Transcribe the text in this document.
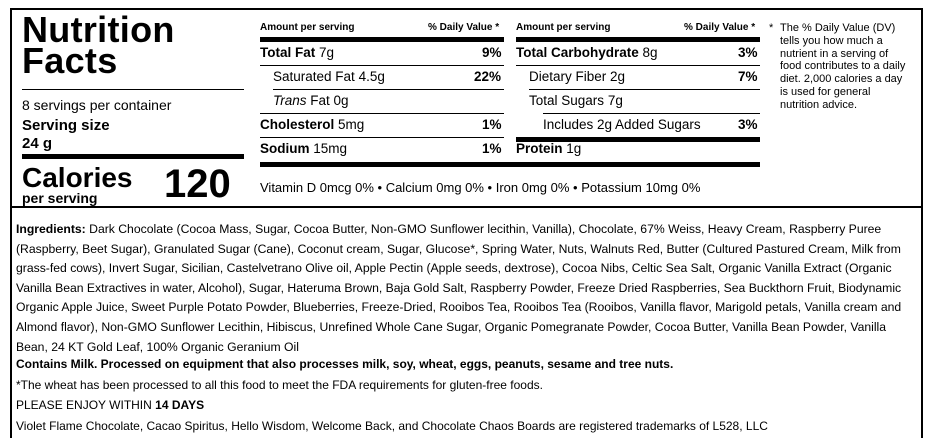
Nutrition
Facts
8 servings per container
Serving size
24 g
Calories
per serving 120
Amount per serving	% Daily Value *
Total Fat 7g	9%
Saturated Fat 4.5g	22%
Trans Fat 0g
Cholesterol 5mg	1%
Sodium 15mg	1%
Amount per serving	% Daily Value *
Total Carbohydrate 8g	3%
Dietary Fiber 2g	7%
Total Sugars 7g
Includes 2g Added Sugars	3%
Protein 1g
Vitamin D 0mcg 0% • Calcium 0mg 0% • Iron 0mg 0% • Potassium 10mg 0%
* The % Daily Value (DV) tells you how much a nutrient in a serving of food contributes to a daily diet. 2,000 calories a day is used for general nutrition advice.
Ingredients: Dark Chocolate (Cocoa Mass, Sugar, Cocoa Butter, Non-GMO Sunflower lecithin, Vanilla), Chocolate, 67% Weiss, Heavy Cream, Raspberry Puree (Raspberry, Beet Sugar), Granulated Sugar (Cane), Coconut cream, Sugar, Glucose*, Spring Water, Nuts, Walnuts Red, Butter (Cultured Pastured Cream, Milk from grass-fed cows), Invert Sugar, Sicilian, Castelvetrano Olive oil, Apple Pectin (Apple seeds, dextrose), Cocoa Nibs, Celtic Sea Salt, Organic Vanilla Extract (Organic Vanilla Bean Extractives in water, Alcohol), Sugar, Hateruma Brown, Baja Gold Salt, Raspberry Powder, Freeze Dried Raspberries, Sea Buckthorn Fruit, Biodynamic Organic Apple Juice, Sweet Purple Potato Powder, Blueberries, Freeze-Dried, Rooibos Tea, Rooibos Tea (Rooibos, Vanilla flavor, Marigold petals, Vanilla cream and Almond flavor), Non-GMO Sunflower Lecithin, Hibiscus, Unrefined Whole Cane Sugar, Organic Pomegranate Powder, Cocoa Butter, Vanilla Bean Powder, Vanilla Bean, 24 KT Gold Leaf, 100% Organic Geranium Oil
Contains Milk. Processed on equipment that also processes milk, soy, wheat, eggs, peanuts, sesame and tree nuts.
*The wheat has been processed to all this food to meet the FDA requirements for gluten-free foods.
PLEASE ENJOY WITHIN 14 DAYS
Violet Flame Chocolate, Cacao Spiritus, Hello Wisdom, Welcome Back, and Chocolate Chaos Boards are registered trademarks of L528, LLC
